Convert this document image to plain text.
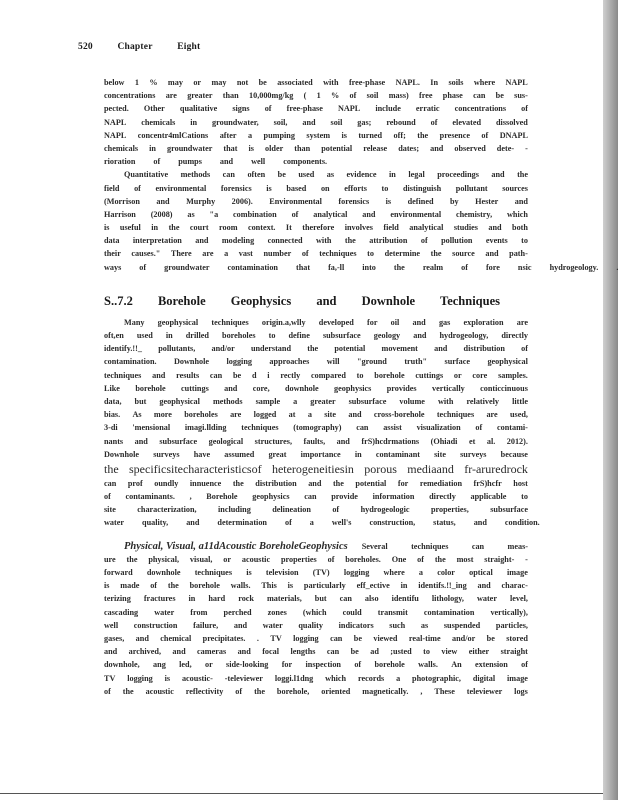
520	Chapter	Eight
below 1 % may or may not be associated with free-phase NAPL. In soils where NAPL
concentrations are greater than 10,000mg/kg ( 1 % of soil mass) free phase can be sus-
pected. Other qualitative signs of free-phase NAPL include erratic concentrations of
NAPL chemicals in groundwater, soil, and soil gas; rebound of elevated dissolved
NAPL concentr4mlCations after a pumping system is turned off; the presence of DNAPL
chemicals in groundwater that is older than potential release dates; and observed dete- -
rioration of pumps and well components.
Quantitative methods can often be used as evidence in legal proceedings and the
field of environmental forensics is based on efforts to distinguish pollutant sources
(Morrison and Murphy 2006). Environmental forensics is defined by Hester and
Harrison (2008) as "a combination of analytical and environmental chemistry, which
is useful in the court room context. It therefore involves field analytical studies and both
data interpretation and modeling connected with the attribution of pollution events to
their causes." There are a vast number of techniques to determine the source and path-
ways of groundwater contamination that fa,-ll into the realm of fore nsic hydrogeology.
S..7.2 Borehole Geophysics and Downhole Techniques
Many geophysical techniques origin.a,wlly developed for oil and gas exploration are
oft,en used in drilled boreholes to define subsurface geology and hydrogeology, directly
identify.!!_ pollutants, and/or understand the potential movement and distribution of
contamination. Downhole logging approaches will "ground truth" surface geophysical
techniques and results can be d i rectly compared to borehole cuttings or core samples.
Like borehole cuttings and core, downhole geophysics provides vertically conticcinuous
data, but geophysical methods sample a greater subsurface volume with relatively little
bias. As more boreholes are logged at a site and cross-borehole techniques are used,
3-di 'mensional imagi.llding techniques (tomography) can assist visualization of contami-
nants and subsurface geological structures, faults, and frS)hcdrmations (Ohiadi et al. 2012).
Downhole surveys have assumed great importance in contaminant site surveys because
the specificsitecharacteristicsof heterogeneitiesin porous mediaand fr-aruredrock
can prof oundly innuence the distribution and the potential for remediation frS)hcfr host
of contaminants. , Borehole geophysics can provide information directly applicable to
site	characterization,	including	delineation	of	hydrogeologic	properties,	subsurface
water quality, and determination of a well's construction, status, and condition.
Physical, Visual, a11dAcoustic BoreholeGeophysics Several	techniques	can	meas-
ure the physical, visual, or acoustic properties of boreholes. One of the most straight- -
forward downhole techniques is television (TV) logging where a color optical image
is made of the borehole walls. This is particularly eff_ective in identifs.!!_ing and charac-
terizing fractures in hard rock materials, but can also identifu lithology, water level,
cascading water from perched zones (which could transmit contamination vertically),
well construction failure, and water quality indicators such as suspended particles,
gases, and chemical precipitates. . TV logging can be viewed real-time and/or be stored
and archived, and cameras and focal lengths can be ad ;usted to view either straight
downhole, ang led, or side-looking for inspection of borehole walls. An extension of
TV logging is acoustic- -televiewer loggi.l1dng which records a photographic, digital image
of the acoustic reflectivity of the borehole, oriented magnetically. , These televiewer logs
